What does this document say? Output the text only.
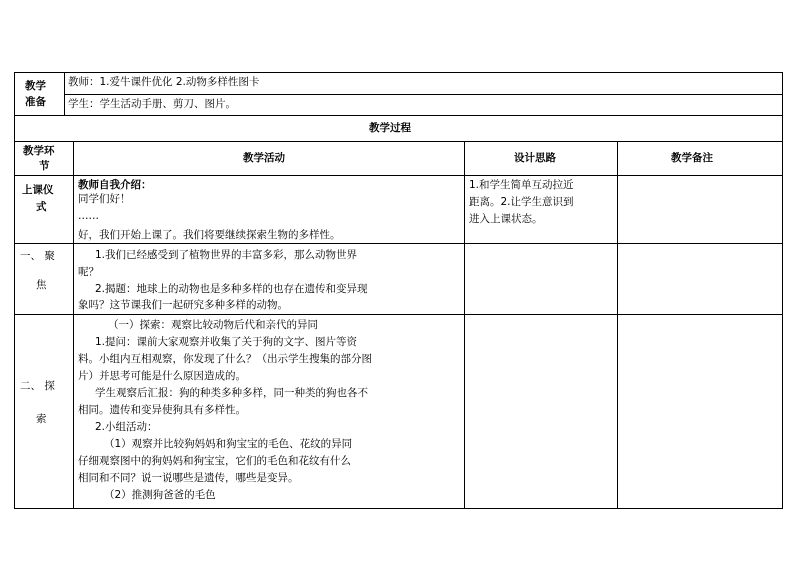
教学
准备
教师：1.爱牛课件优化 2.动物多样性图卡
学生：学生活动手册、剪刀、图片。
教学过程
教学环
节
教学活动	设计思路	教学备注
上课仪
式
教师自我介绍：
同学们好！
……
好，我们开始上课了。我们将要继续探索生物的多样性。
1.和学生简单互动拉近
距离。2.让学生意识到
进入上课状态。
一、 聚
焦
1.我们已经感受到了植物世界的丰富多彩，那么动物世界
呢？
2.揭题：地球上的动物也是多种多样的也存在遗传和变异现
象吗？这节课我们一起研究多种多样的动物。
二、 探
索
（一）探索：观察比较动物后代和亲代的异同
1.提问：课前大家观察并收集了关于狗的文字、图片等资
料。小组内互相观察，你发现了什么？（出示学生搜集的部分图
片）并思考可能是什么原因造成的。
学生观察后汇报：狗的种类多种多样，同一种类的狗也各不
相同。遗传和变异使狗具有多样性。
2.小组活动：
（1）观察并比较狗妈妈和狗宝宝的毛色、花纹的异同
仔细观察图中的狗妈妈和狗宝宝，它们的毛色和花纹有什么
相同和不同？说一说哪些是遗传，哪些是变异。
（2）推测狗爸爸的毛色
